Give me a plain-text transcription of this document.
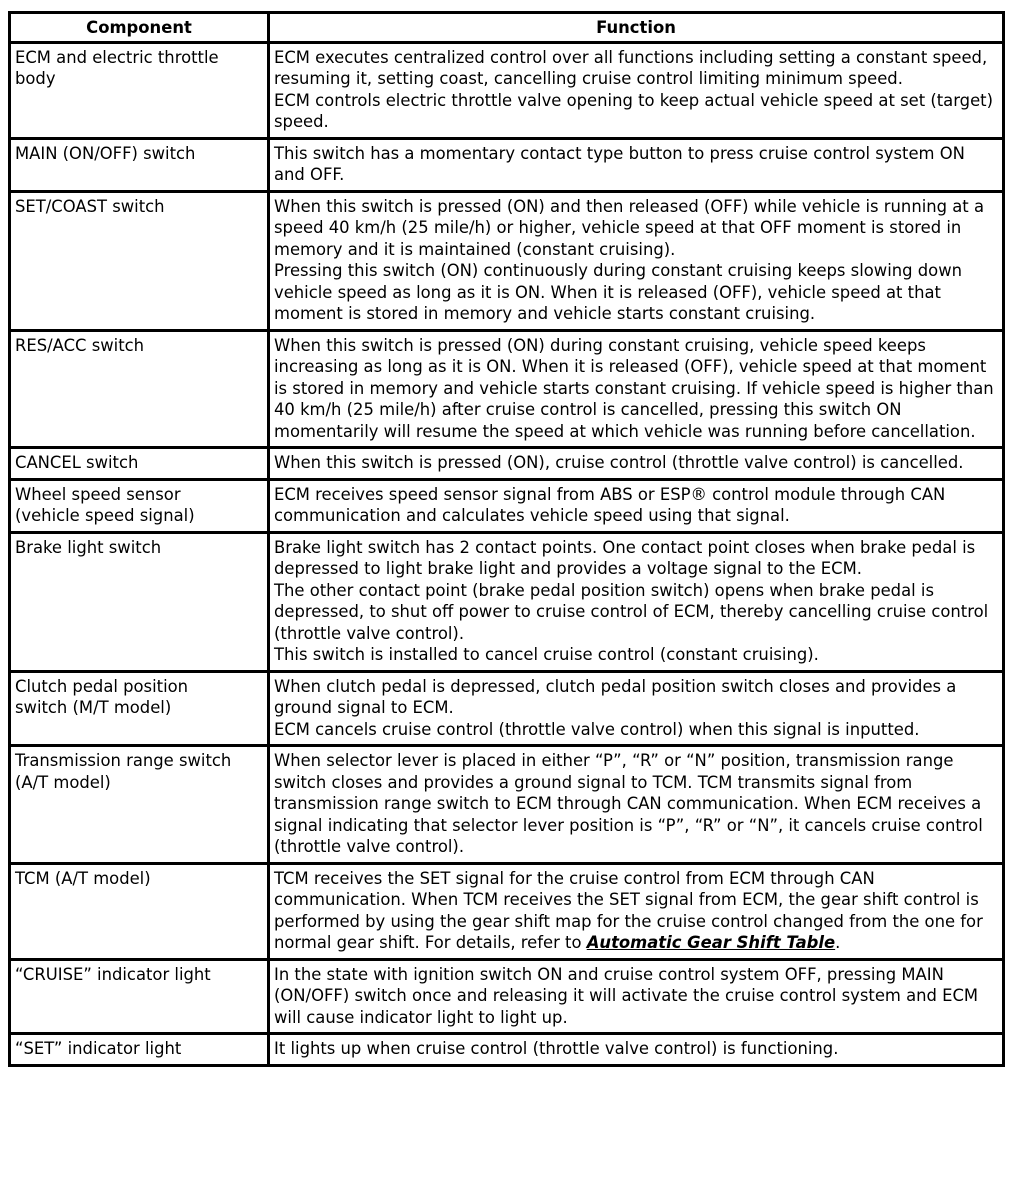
Component	Function
ECM and electric throttle
body	ECM executes centralized control over all functions including setting a constant speed, resuming it, setting coast, cancelling cruise control limiting minimum speed.
ECM controls electric throttle valve opening to keep actual vehicle speed at set (target) speed.

MAIN (ON/OFF) switch	This switch has a momentary contact type button to press cruise control system ON and OFF.

SET/COAST switch	When this switch is pressed (ON) and then released (OFF) while vehicle is running at a speed 40 km/h (25 mile/h) or higher, vehicle speed at that OFF moment is stored in memory and it is maintained (constant cruising).
Pressing this switch (ON) continuously during constant cruising keeps slowing down vehicle speed as long as it is ON. When it is released (OFF), vehicle speed at that moment is stored in memory and vehicle starts constant cruising.

RES/ACC switch	When this switch is pressed (ON) during constant cruising, vehicle speed keeps increasing as long as it is ON. When it is released (OFF), vehicle speed at that moment is stored in memory and vehicle starts constant cruising. If vehicle speed is higher than 40 km/h (25 mile/h) after cruise control is cancelled, pressing this switch ON momentarily will resume the speed at which vehicle was running before cancellation.

CANCEL switch	When this switch is pressed (ON), cruise control (throttle valve control) is cancelled.

Wheel speed sensor
(vehicle speed signal)	ECM receives speed sensor signal from ABS or ESP® control module through CAN communication and calculates vehicle speed using that signal.

Brake light switch	Brake light switch has 2 contact points. One contact point closes when brake pedal is depressed to light brake light and provides a voltage signal to the ECM.
The other contact point (brake pedal position switch) opens when brake pedal is depressed, to shut off power to cruise control of ECM, thereby cancelling cruise control (throttle valve control).
This switch is installed to cancel cruise control (constant cruising).

Clutch pedal position
switch (M/T model)	When clutch pedal is depressed, clutch pedal position switch closes and provides a ground signal to ECM.
ECM cancels cruise control (throttle valve control) when this signal is inputted.

Transmission range switch
(A/T model)	When selector lever is placed in either “P”, “R” or “N” position, transmission range switch closes and provides a ground signal to TCM. TCM transmits signal from transmission range switch to ECM through CAN communication. When ECM receives a signal indicating that selector lever position is “P”, “R” or “N”, it cancels cruise control (throttle valve control).

TCM (A/T model)	TCM receives the SET signal for the cruise control from ECM through CAN communication. When TCM receives the SET signal from ECM, the gear shift control is performed by using the gear shift map for the cruise control changed from the one for normal gear shift. For details, refer to Automatic Gear Shift Table.
“CRUISE” indicator light	In the state with ignition switch ON and cruise control system OFF, pressing MAIN (ON/OFF) switch once and releasing it will activate the cruise control system and ECM will cause indicator light to light up.

“SET” indicator light	It lights up when cruise control (throttle valve control) is functioning.
